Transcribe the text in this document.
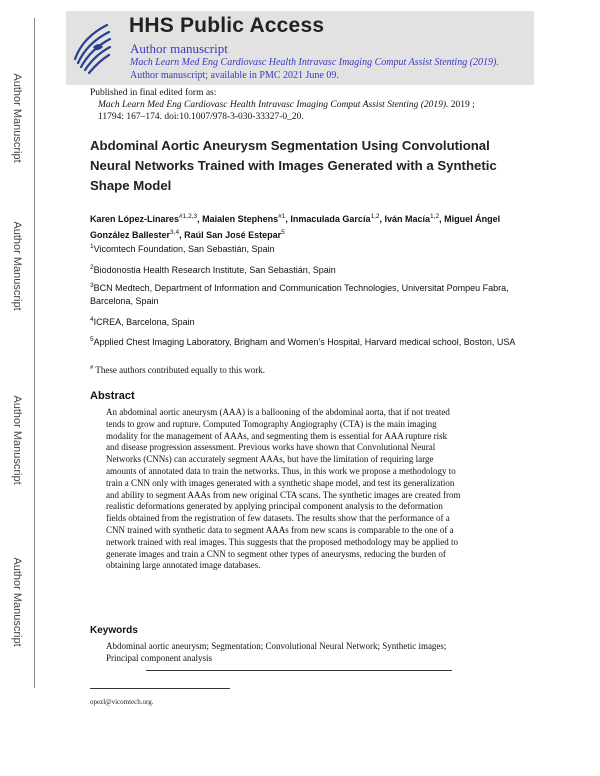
Author Manuscript
Author Manuscript
Author Manuscript
Author Manuscript
HHS Public Access
Author manuscript
Mach Learn Med Eng Cardiovasc Health Intravasc Imaging Comput Assist Stenting (2019).
Author manuscript; available in PMC 2021 June 09.
Published in final edited form as:
Mach Learn Med Eng Cardiovasc Health Intravasc Imaging Comput Assist Stenting (2019). 2019 ;
11794: 167–174. doi:10.1007/978-3-030-33327-0_20.
Abdominal Aortic Aneurysm Segmentation Using Convolutional Neural Networks Trained with Images Generated with a Synthetic Shape Model
Karen López-Linares$^{\#1,2,3}$, Maialen Stephens$^{\#1}$, Inmaculada García$^{1,2}$, Iván Macía$^{1,2}$, Miguel Ángel González Ballester$^{3,4}$, Raúl San José Estepar$^5$
$^1$Vicomtech Foundation, San Sebastián, Spain
$^2$Biodonostia Health Research Institute, San Sebastián, Spain
$^3$BCN Medtech, Department of Information and Communication Technologies, Universitat Pompeu Fabra, Barcelona, Spain
$^4$ICREA, Barcelona, Spain
$^5$Applied Chest Imaging Laboratory, Brigham and Women’s Hospital, Harvard medical school, Boston, USA
# These authors contributed equally to this work.
Abstract
An abdominal aortic aneurysm (AAA) is a ballooning of the abdominal aorta, that if not treated
tends to grow and rupture. Computed Tomography Angiography (CTA) is the main imaging
modality for the management of AAAs, and segmenting them is essential for AAA rupture risk
and disease progression assessment. Previous works have shown that Convolutional Neural
Networks (CNNs) can accurately segment AAAs, but have the limitation of requiring large
amounts of annotated data to train the networks. Thus, in this work we propose a methodology to
train a CNN only with images generated with a synthetic shape model, and test its generalization
and ability to segment AAAs from new original CTA scans. The synthetic images are created from
realistic deformations generated by applying principal component analysis to the deformation
fields obtained from the registration of few datasets. The results show that the performance of a
CNN trained with synthetic data to segment AAAs from new scans is comparable to the one of a
network trained with real images. This suggests that the proposed methodology may be applied to
generate images and train a CNN to segment other types of aneurysms, reducing the burden of
obtaining large annotated image databases.
Keywords
Abdominal aortic aneurysm; Segmentation; Convolutional Neural Network; Synthetic images;
Principal component analysis
opezl@vicomtech.org.
